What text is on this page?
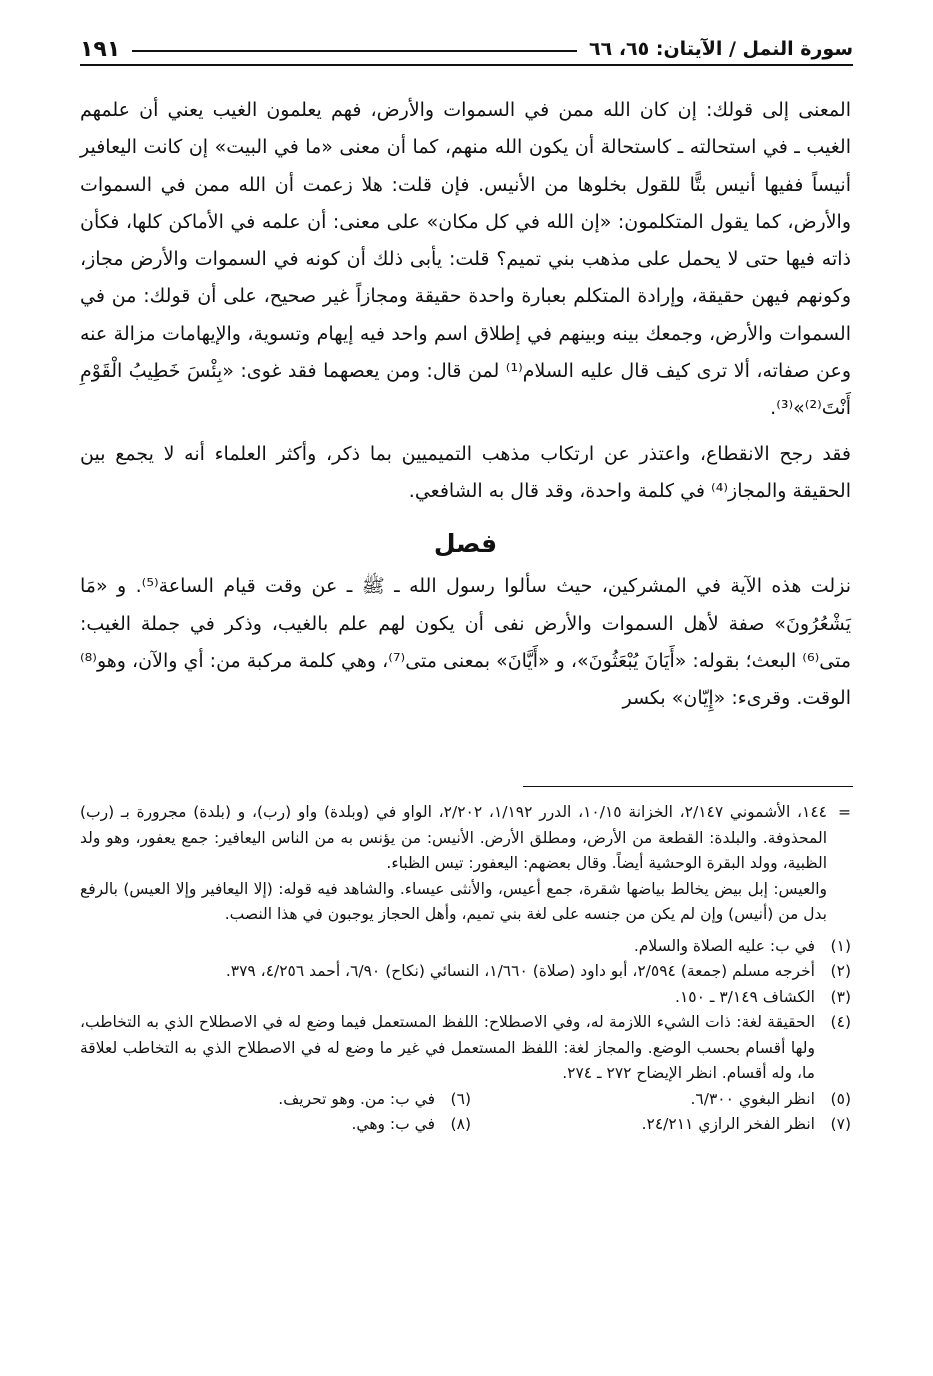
سورة النمل / الآيتان: ٦٥، ٦٦
١٩١

المعنى إلى قولك: إن كان الله ممن في السموات والأرض، فهم يعلمون الغيب يعني أن علمهم الغيب ـ في استحالته ـ كاستحالة أن يكون الله منهم، كما أن معنى «ما في البيت» إن كانت اليعافير أنيساً ففيها أنيس بتًّا للقول بخلوها من الأنيس. فإن قلت: هلا زعمت أن الله ممن في السموات والأرض، كما يقول المتكلمون: «إن الله في كل مكان» على معنى: أن علمه في الأماكن كلها، فكأن ذاته فيها حتى لا يحمل على مذهب بني تميم؟ قلت: يأبى ذلك أن كونه في السموات والأرض مجاز، وكونهم فيهن حقيقة، وإرادة المتكلم بعبارة واحدة حقيقة ومجازاً غير صحيح، على أن قولك: من في السموات والأرض، وجمعك بينه وبينهم في إطلاق اسم واحد فيه إيهام وتسوية، والإيهامات مزالة عنه وعن صفاته، ألا ترى كيف قال عليه السلام⁽¹⁾ لمن قال: ومن يعصهما فقد غوى: «بِئْسَ خَطِيبُ الْقَوْمِ أَنْتَ⁽²⁾»⁽³⁾.

فقد رجح الانقطاع، واعتذر عن ارتكاب مذهب التميميين بما ذكر، وأكثر العلماء أنه لا يجمع بين الحقيقة والمجاز⁽⁴⁾ في كلمة واحدة، وقد قال به الشافعي.

فصل

نزلت هذه الآية في المشركين، حيث سألوا رسول الله ـ ﷺ ـ عن وقت قيام الساعة⁽⁵⁾. و «مَا يَشْعُرُونَ» صفة لأهل السموات والأرض نفى أن يكون لهم علم بالغيب، وذكر في جملة الغيب: متى⁽⁶⁾ البعث؛ بقوله: «أَيَانَ يُبْعَثُونَ»، و «أَيَّانَ» بمعنى متى⁽⁷⁾، وهي كلمة مركبة من: أي والآن، وهو⁽⁸⁾ الوقت. وقرىء: «إِيّان» بكسر

=

١٤٤، الأشموني ٢/١٤٧، الخزانة ١٠/١٥، الدرر ١/١٩٢، ٢/٢٠٢، الواو في (وبلدة) واو (رب)، و (بلدة) مجرورة بـ (رب) المحذوفة. والبلدة: القطعة من الأرض، ومطلق الأرض. الأنيس: من يؤنس به من الناس اليعافير: جمع يعفور، وهو ولد الظبية، وولد البقرة الوحشية أيضاً. وقال بعضهم: اليعفور: تيس الظباء.

والعيس: إبل بيض يخالط بياضها شقرة، جمع أعيس، والأنثى عيساء. والشاهد فيه قوله: (إلا اليعافير وإلا العيس) بالرفع بدل من (أنيس) وإن لم يكن من جنسه على لغة بني تميم، وأهل الحجاز يوجبون في هذا النصب.

(١)
في ب: عليه الصلاة والسلام.
(٢)
أخرجه مسلم (جمعة) ٢/٥٩٤، أبو داود (صلاة) ١/٦٦٠، النسائي (نكاح) ٦/٩٠، أحمد ٤/٢٥٦، ٣٧٩.
(٣)
الكشاف ٣/١٤٩ ـ ١٥٠.
(٤)
الحقيقة لغة: ذات الشيء اللازمة له، وفي الاصطلاح: اللفظ المستعمل فيما وضع له في الاصطلاح الذي به التخاطب، ولها أقسام بحسب الوضع. والمجاز لغة: اللفظ المستعمل في غير ما وضع له في الاصطلاح الذي به التخاطب لعلاقة ما، وله أقسام. انظر الإيضاح ٢٧٢ ـ ٢٧٤.
(٥)
انظر البغوي ٦/٣٠٠.
(٦)
في ب: من. وهو تحريف.
(٧)
انظر الفخر الرازي ٢٤/٢١١.
(٨)
في ب: وهي.
